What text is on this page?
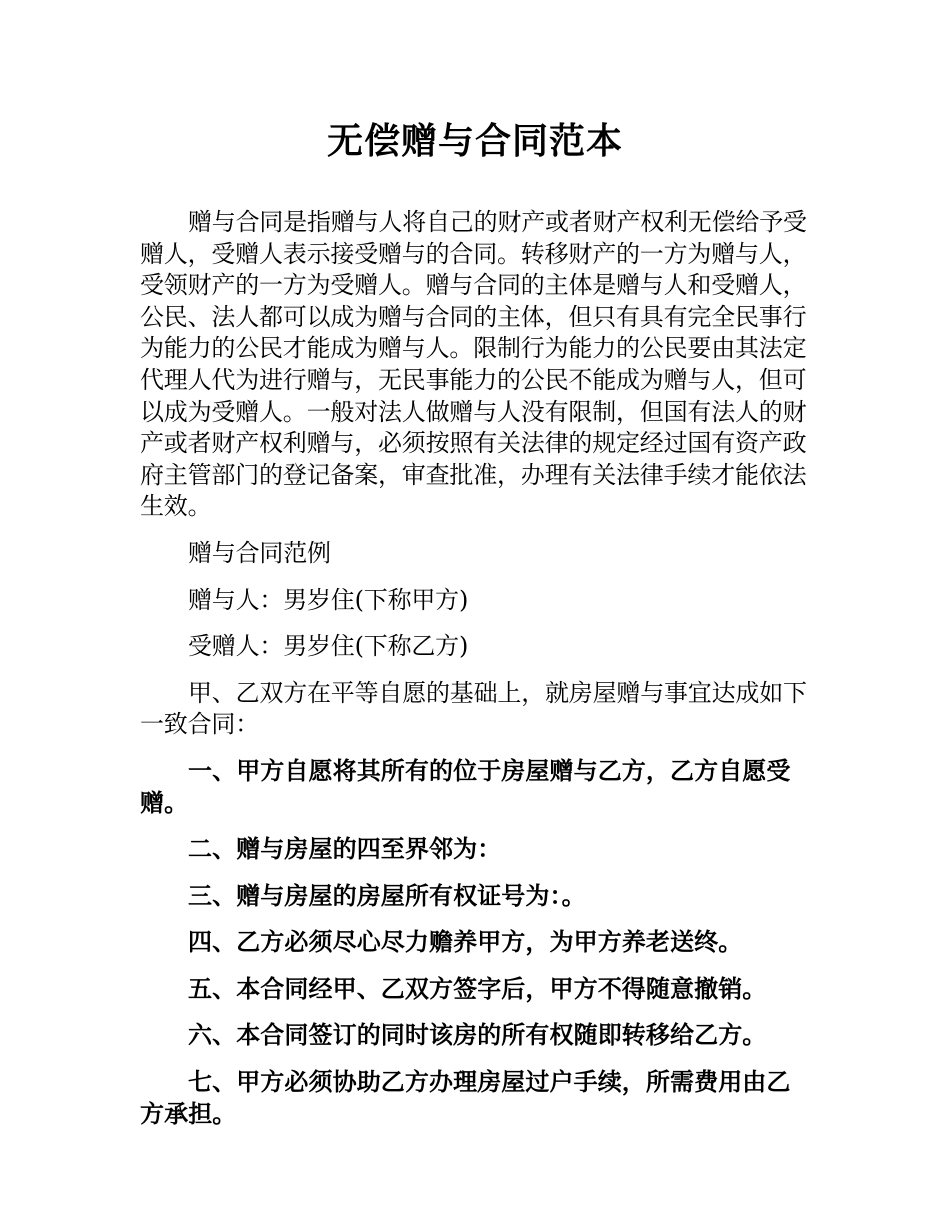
无偿赠与合同范本

赠与合同是指赠与人将自己的财产或者财产权利无偿给予受赠人，受赠人表示接受赠与的合同。转移财产的一方为赠与人，受领财产的一方为受赠人。赠与合同的主体是赠与人和受赠人，公民、法人都可以成为赠与合同的主体，但只有具有完全民事行为能力的公民才能成为赠与人。限制行为能力的公民要由其法定代理人代为进行赠与，无民事能力的公民不能成为赠与人，但可以成为受赠人。一般对法人做赠与人没有限制，但国有法人的财产或者财产权利赠与，必须按照有关法律的规定经过国有资产政府主管部门的登记备案，审查批准，办理有关法律手续才能依法生效。

赠与合同范例

赠与人：男岁住(下称甲方)

受赠人：男岁住(下称乙方)

甲、乙双方在平等自愿的基础上，就房屋赠与事宜达成如下一致合同：

一、甲方自愿将其所有的位于房屋赠与乙方，乙方自愿受赠。

二、赠与房屋的四至界邻为：

三、赠与房屋的房屋所有权证号为：。

四、乙方必须尽心尽力赡养甲方，为甲方养老送终。

五、本合同经甲、乙双方签字后，甲方不得随意撤销。

六、本合同签订的同时该房的所有权随即转移给乙方。

七、甲方必须协助乙方办理房屋过户手续，所需费用由乙方承担。
